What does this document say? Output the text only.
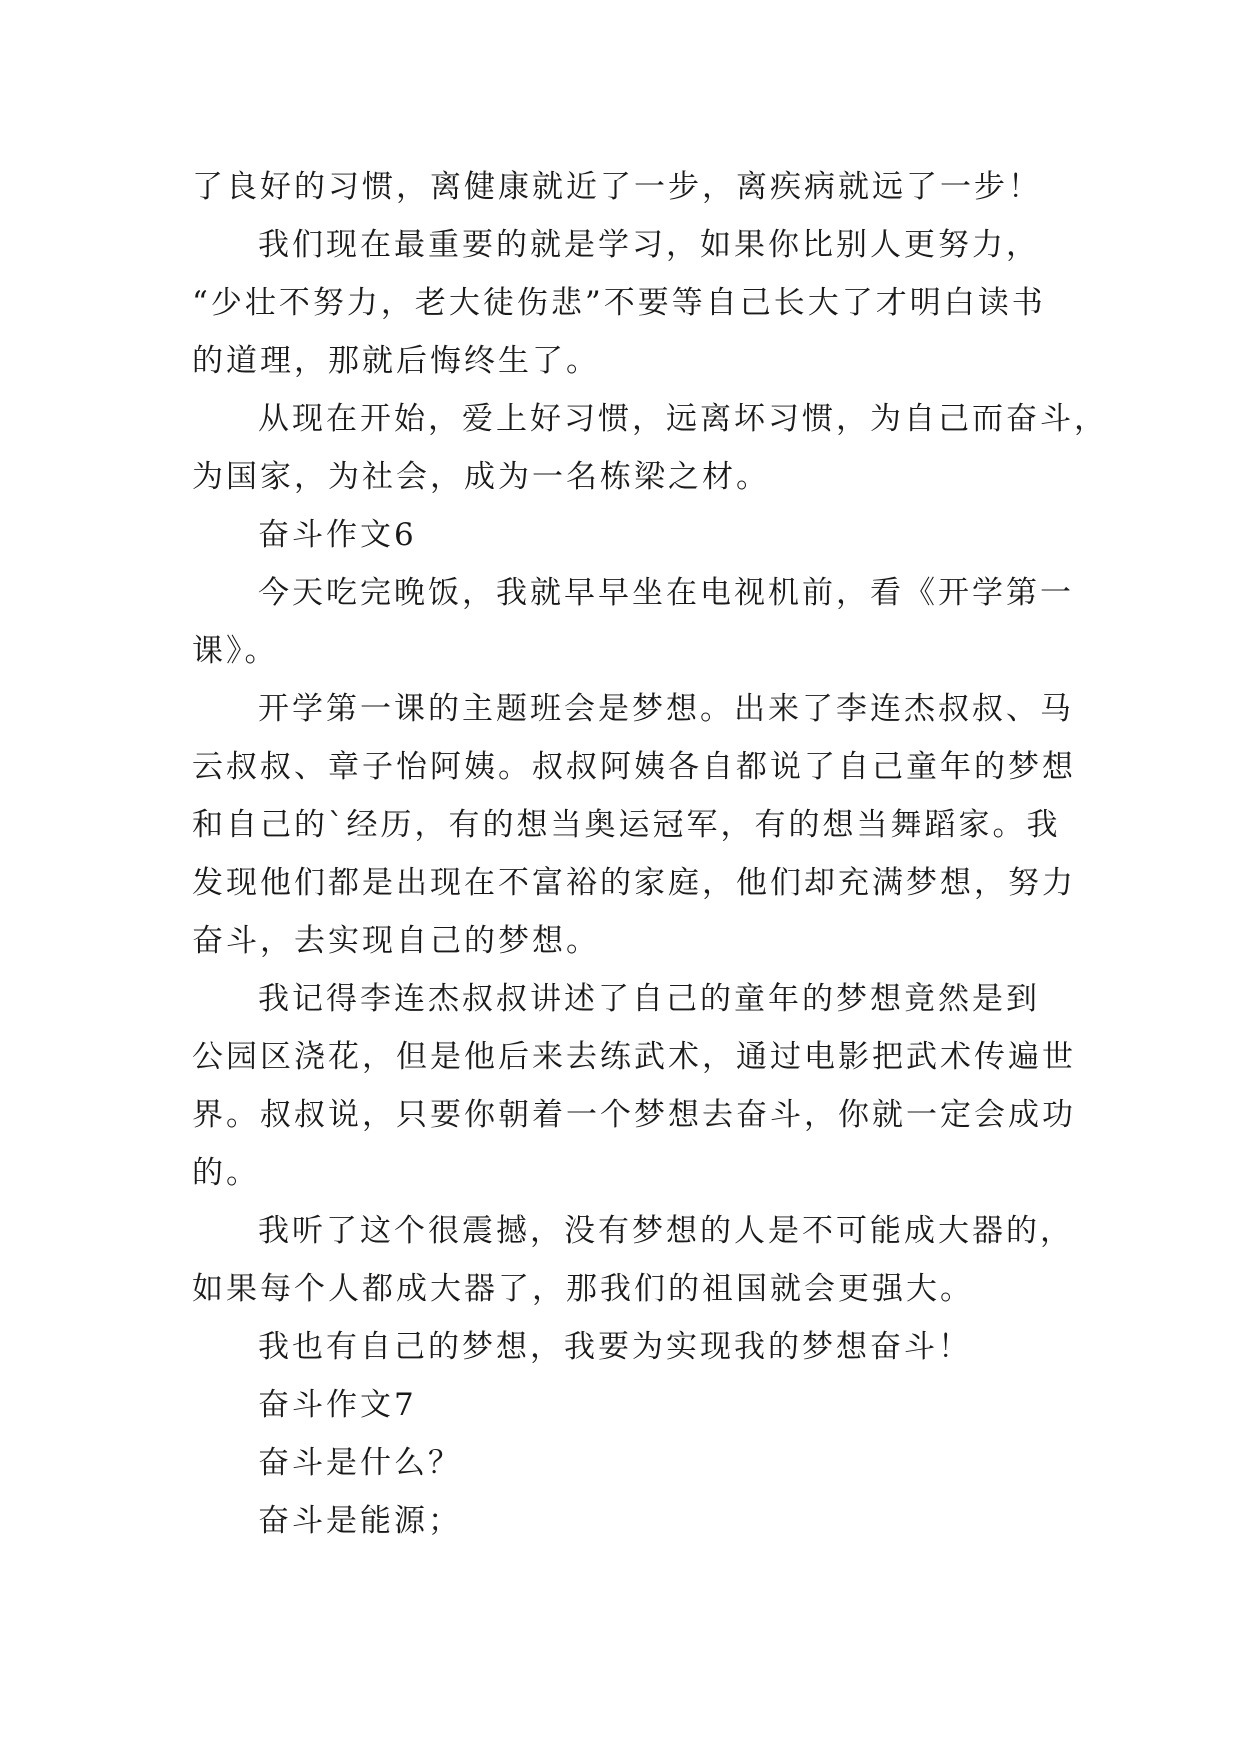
了良好的习惯，离健康就近了一步，离疾病就远了一步！
我们现在最重要的就是学习，如果你比别人更努力，
“少壮不努力，老大徒伤悲”不要等自己长大了才明白读书
的道理，那就后悔终生了。
从现在开始，爱上好习惯，远离坏习惯，为自己而奋斗，
为国家，为社会，成为一名栋梁之材。
奋斗作文6
今天吃完晚饭，我就早早坐在电视机前，看《开学第一
课》。
开学第一课的主题班会是梦想。出来了李连杰叔叔、马
云叔叔、章子怡阿姨。叔叔阿姨各自都说了自己童年的梦想
和自己的`经历，有的想当奥运冠军，有的想当舞蹈家。我
发现他们都是出现在不富裕的家庭，他们却充满梦想，努力
奋斗，去实现自己的梦想。
我记得李连杰叔叔讲述了自己的童年的梦想竟然是到
公园区浇花，但是他后来去练武术，通过电影把武术传遍世
界。叔叔说，只要你朝着一个梦想去奋斗，你就一定会成功
的。
我听了这个很震撼，没有梦想的人是不可能成大器的，
如果每个人都成大器了，那我们的祖国就会更强大。
我也有自己的梦想，我要为实现我的梦想奋斗！
奋斗作文7
奋斗是什么？
奋斗是能源；
